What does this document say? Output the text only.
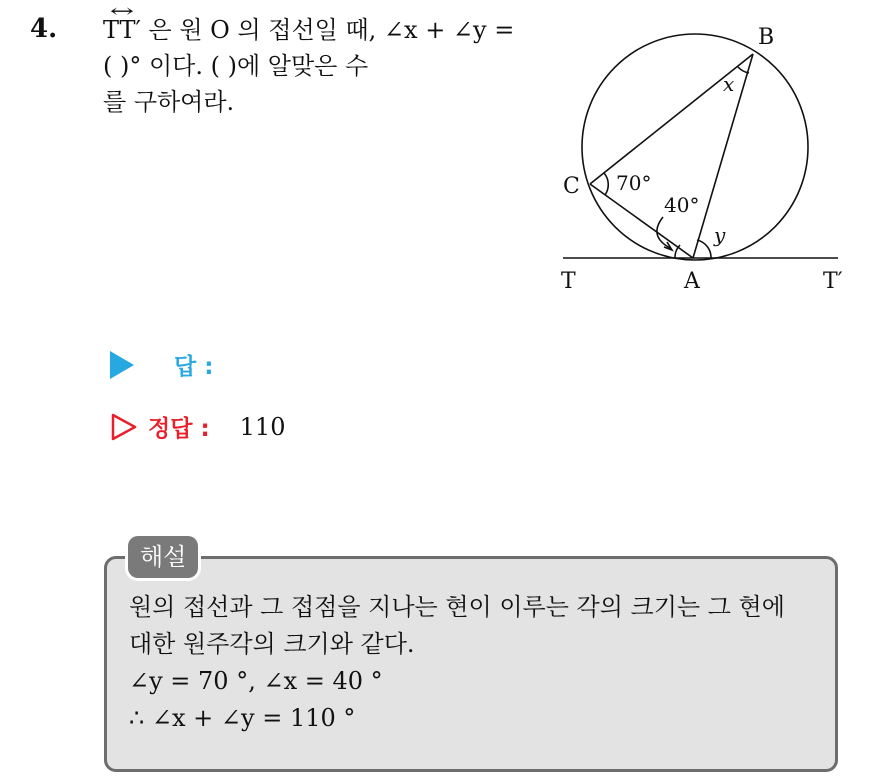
4.
↔ TT′ 은 원 O 의 접선일 때, ∠x + ∠y =
( )° 이다. ( )에 알맞은 수
를 구하여라.
B
C
A
T	T′
70°
40°
x
y
답 :
정답 : 110
원의 접선과 그 접점을 지나는 현이 이루는 각의 크기는 그 현에
대한 원주각의 크기와 같다.
∠y = 70 °, ∠x = 40 °
∴ ∠x + ∠y = 110 °
해설
